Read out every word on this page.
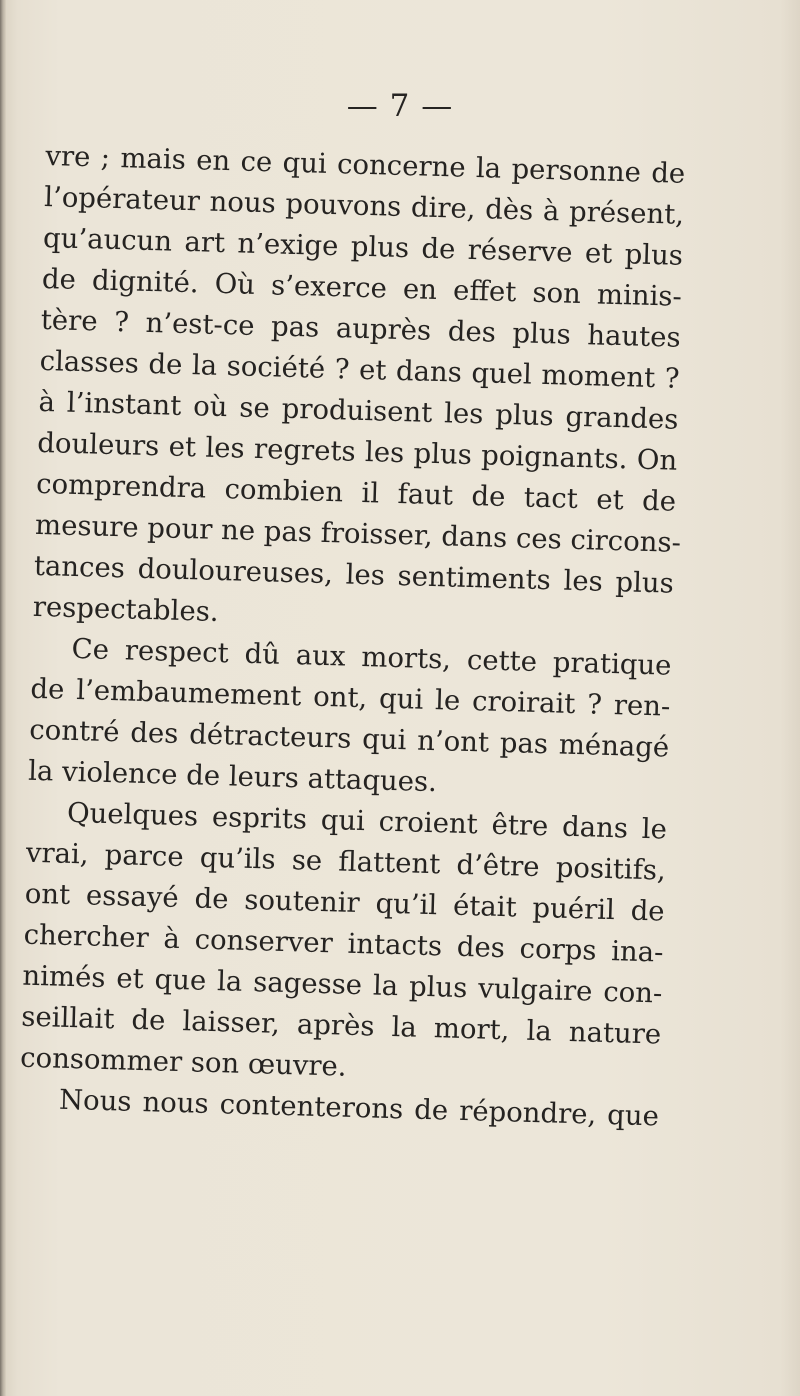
— 7 —
vre ; mais en ce qui concerne la personne de
l’opérateur nous pouvons dire, dès à présent,
qu’aucun art n’exige plus de réserve et plus
de dignité. Où s’exerce en effet son minis-
tère ? n’est-ce pas auprès des plus hautes
classes de la société ? et dans quel moment ?
à l’instant où se produisent les plus grandes
douleurs et les regrets les plus poignants. On
comprendra combien il faut de tact et de
mesure pour ne pas froisser, dans ces circons-
tances douloureuses, les sentiments les plus
respectables.
Ce respect dû aux morts, cette pratique
de l’embaumement ont, qui le croirait ? ren-
contré des détracteurs qui n’ont pas ménagé
la violence de leurs attaques.
Quelques esprits qui croient être dans le
vrai, parce qu’ils se flattent d’être positifs,
ont essayé de soutenir qu’il était puéril de
chercher à conserver intacts des corps ina-
nimés et que la sagesse la plus vulgaire con-
seillait de laisser, après la mort, la nature
consommer son œuvre.
Nous nous contenterons de répondre, que
